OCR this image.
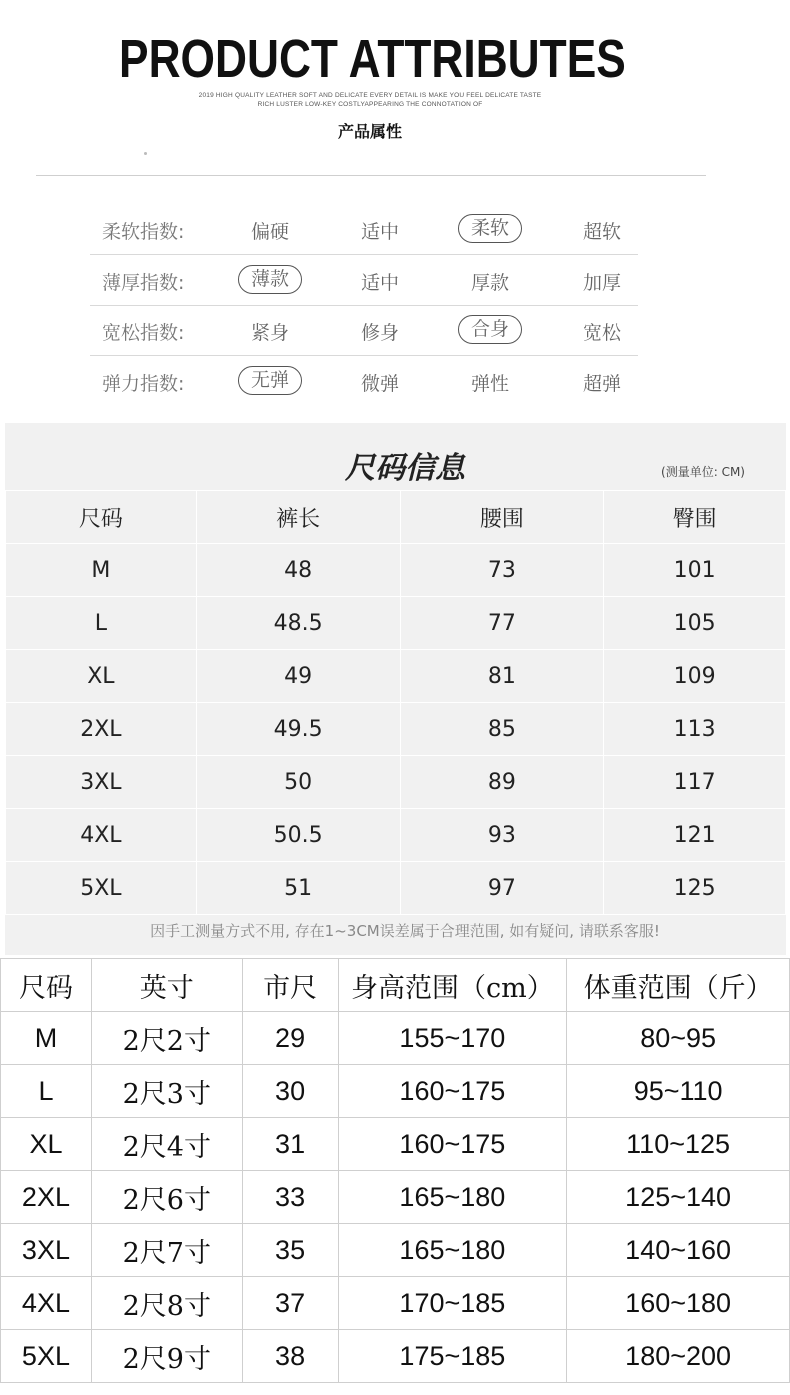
PRODUCT ATTRIBUTES
2019 HIGH QUALITY LEATHER SOFT AND DELICATE EVERY DETAIL IS MAKE YOU FEEL DELICATE TASTE
RICH LUSTER LOW-KEY COSTLYAPPEARING THE CONNOTATION OF
产品属性
柔软指数:	偏硬	适中	柔软	超软
薄厚指数:	薄款	适中	厚款	加厚
宽松指数:	紧身	修身	合身	宽松
弹力指数:	无弹	微弹	弹性	超弹
尺码信息	(测量单位: CM)
尺码	裤长	腰围	臀围
M	48	73	101
L	48.5	77	105
XL	49	81	109
2XL	49.5	85	113
3XL	50	89	117
4XL	50.5	93	121
5XL	51	97	125
因手工测量方式不用, 存在1~3CM误差属于合理范围, 如有疑问, 请联系客服!
尺码	英寸	市尺	身高范围（cm）	体重范围（斤）
M	2尺2寸	29	155~170	80~95
L	2尺3寸	30	160~175	95~110
XL	2尺4寸	31	160~175	110~125
2XL	2尺6寸	33	165~180	125~140
3XL	2尺7寸	35	165~180	140~160
4XL	2尺8寸	37	170~185	160~180
5XL	2尺9寸	38	175~185	180~200
